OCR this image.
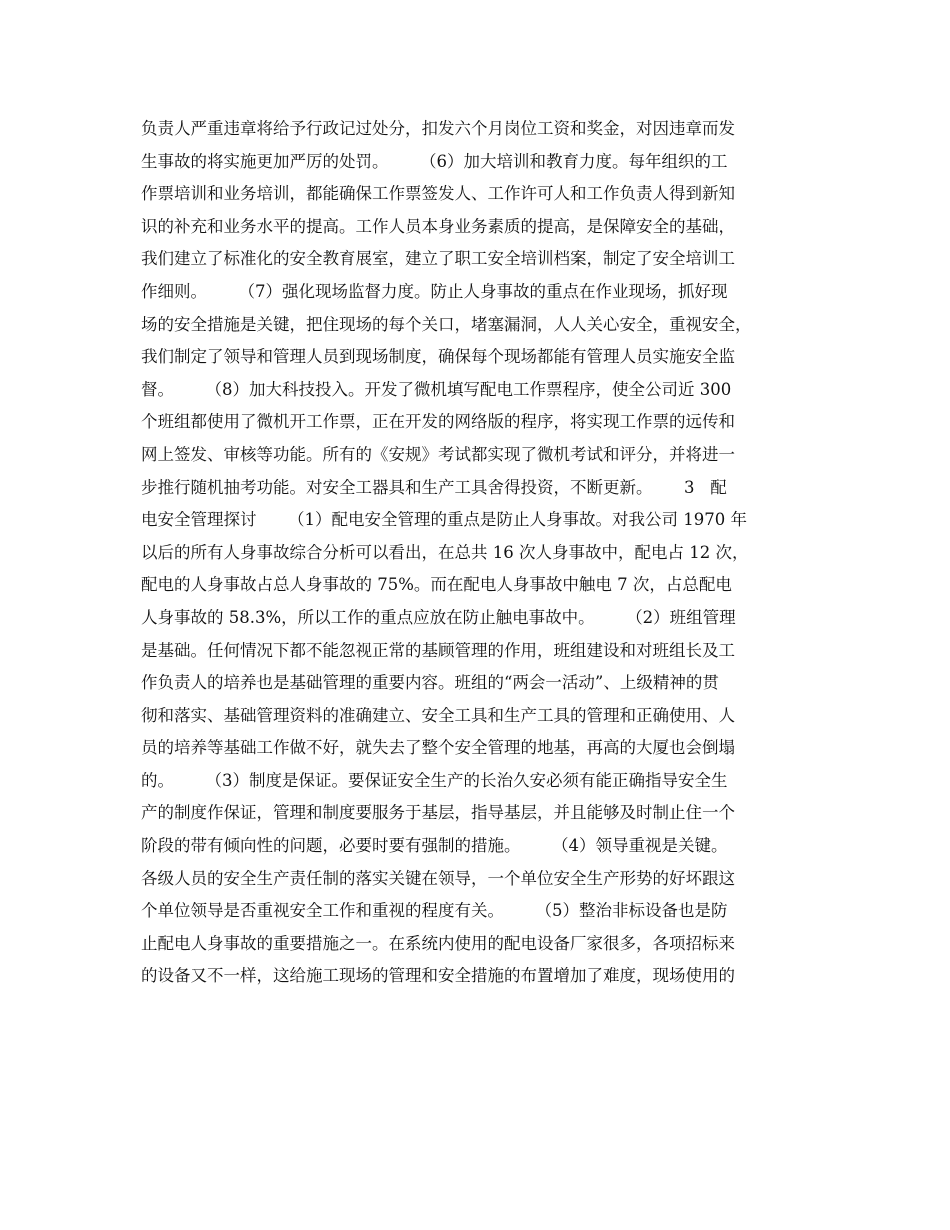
负责人严重违章将给予行政记过处分，扣发六个月岗位工资和奖金，对因违章而发
生事故的将实施更加严厉的处罚。      （6）加大培训和教育力度。每年组织的工
作票培训和业务培训，都能确保工作票签发人、工作许可人和工作负责人得到新知
识的补充和业务水平的提高。工作人员本身业务素质的提高，是保障安全的基础，
我们建立了标准化的安全教育展室，建立了职工安全培训档案，制定了安全培训工
作细则。      （7）强化现场监督力度。防止人身事故的重点在作业现场，抓好现
场的安全措施是关键，把住现场的每个关口，堵塞漏洞，人人关心安全，重视安全，
我们制定了领导和管理人员到现场制度，确保每个现场都能有管理人员实施安全监
督。      （8）加大科技投入。开发了微机填写配电工作票程序，使全公司近 300
个班组都使用了微机开工作票，正在开发的网络版的程序，将实现工作票的远传和
网上签发、审核等功能。所有的《安规》考试都实现了微机考试和评分，并将进一
步推行随机抽考功能。对安全工器具和生产工具舍得投资，不断更新。      3   配
电安全管理探讨      （1）配电安全管理的重点是防止人身事故。对我公司 1970 年
以后的所有人身事故综合分析可以看出，在总共 16 次人身事故中，配电占 12 次，
配电的人身事故占总人身事故的 75%。而在配电人身事故中触电 7 次，占总配电
人身事故的 58.3%，所以工作的重点应放在防止触电事故中。      （2）班组管理
是基础。任何情况下都不能忽视正常的基顾管理的作用，班组建设和对班组长及工
作负责人的培养也是基础管理的重要内容。班组的“两会一活动”、上级精神的贯
彻和落实、基础管理资料的准确建立、安全工具和生产工具的管理和正确使用、人
员的培养等基础工作做不好，就失去了整个安全管理的地基，再高的大厦也会倒塌
的。      （3）制度是保证。要保证安全生产的长治久安必须有能正确指导安全生
产的制度作保证，管理和制度要服务于基层，指导基层，并且能够及时制止住一个
阶段的带有倾向性的问题，必要时要有强制的措施。      （4）领导重视是关键。
各级人员的安全生产责任制的落实关键在领导，一个单位安全生产形势的好坏跟这
个单位领导是否重视安全工作和重视的程度有关。      （5）整治非标设备也是防
止配电人身事故的重要措施之一。在系统内使用的配电设备厂家很多，各项招标来
的设备又不一样，这给施工现场的管理和安全措施的布置增加了难度，现场使用的
